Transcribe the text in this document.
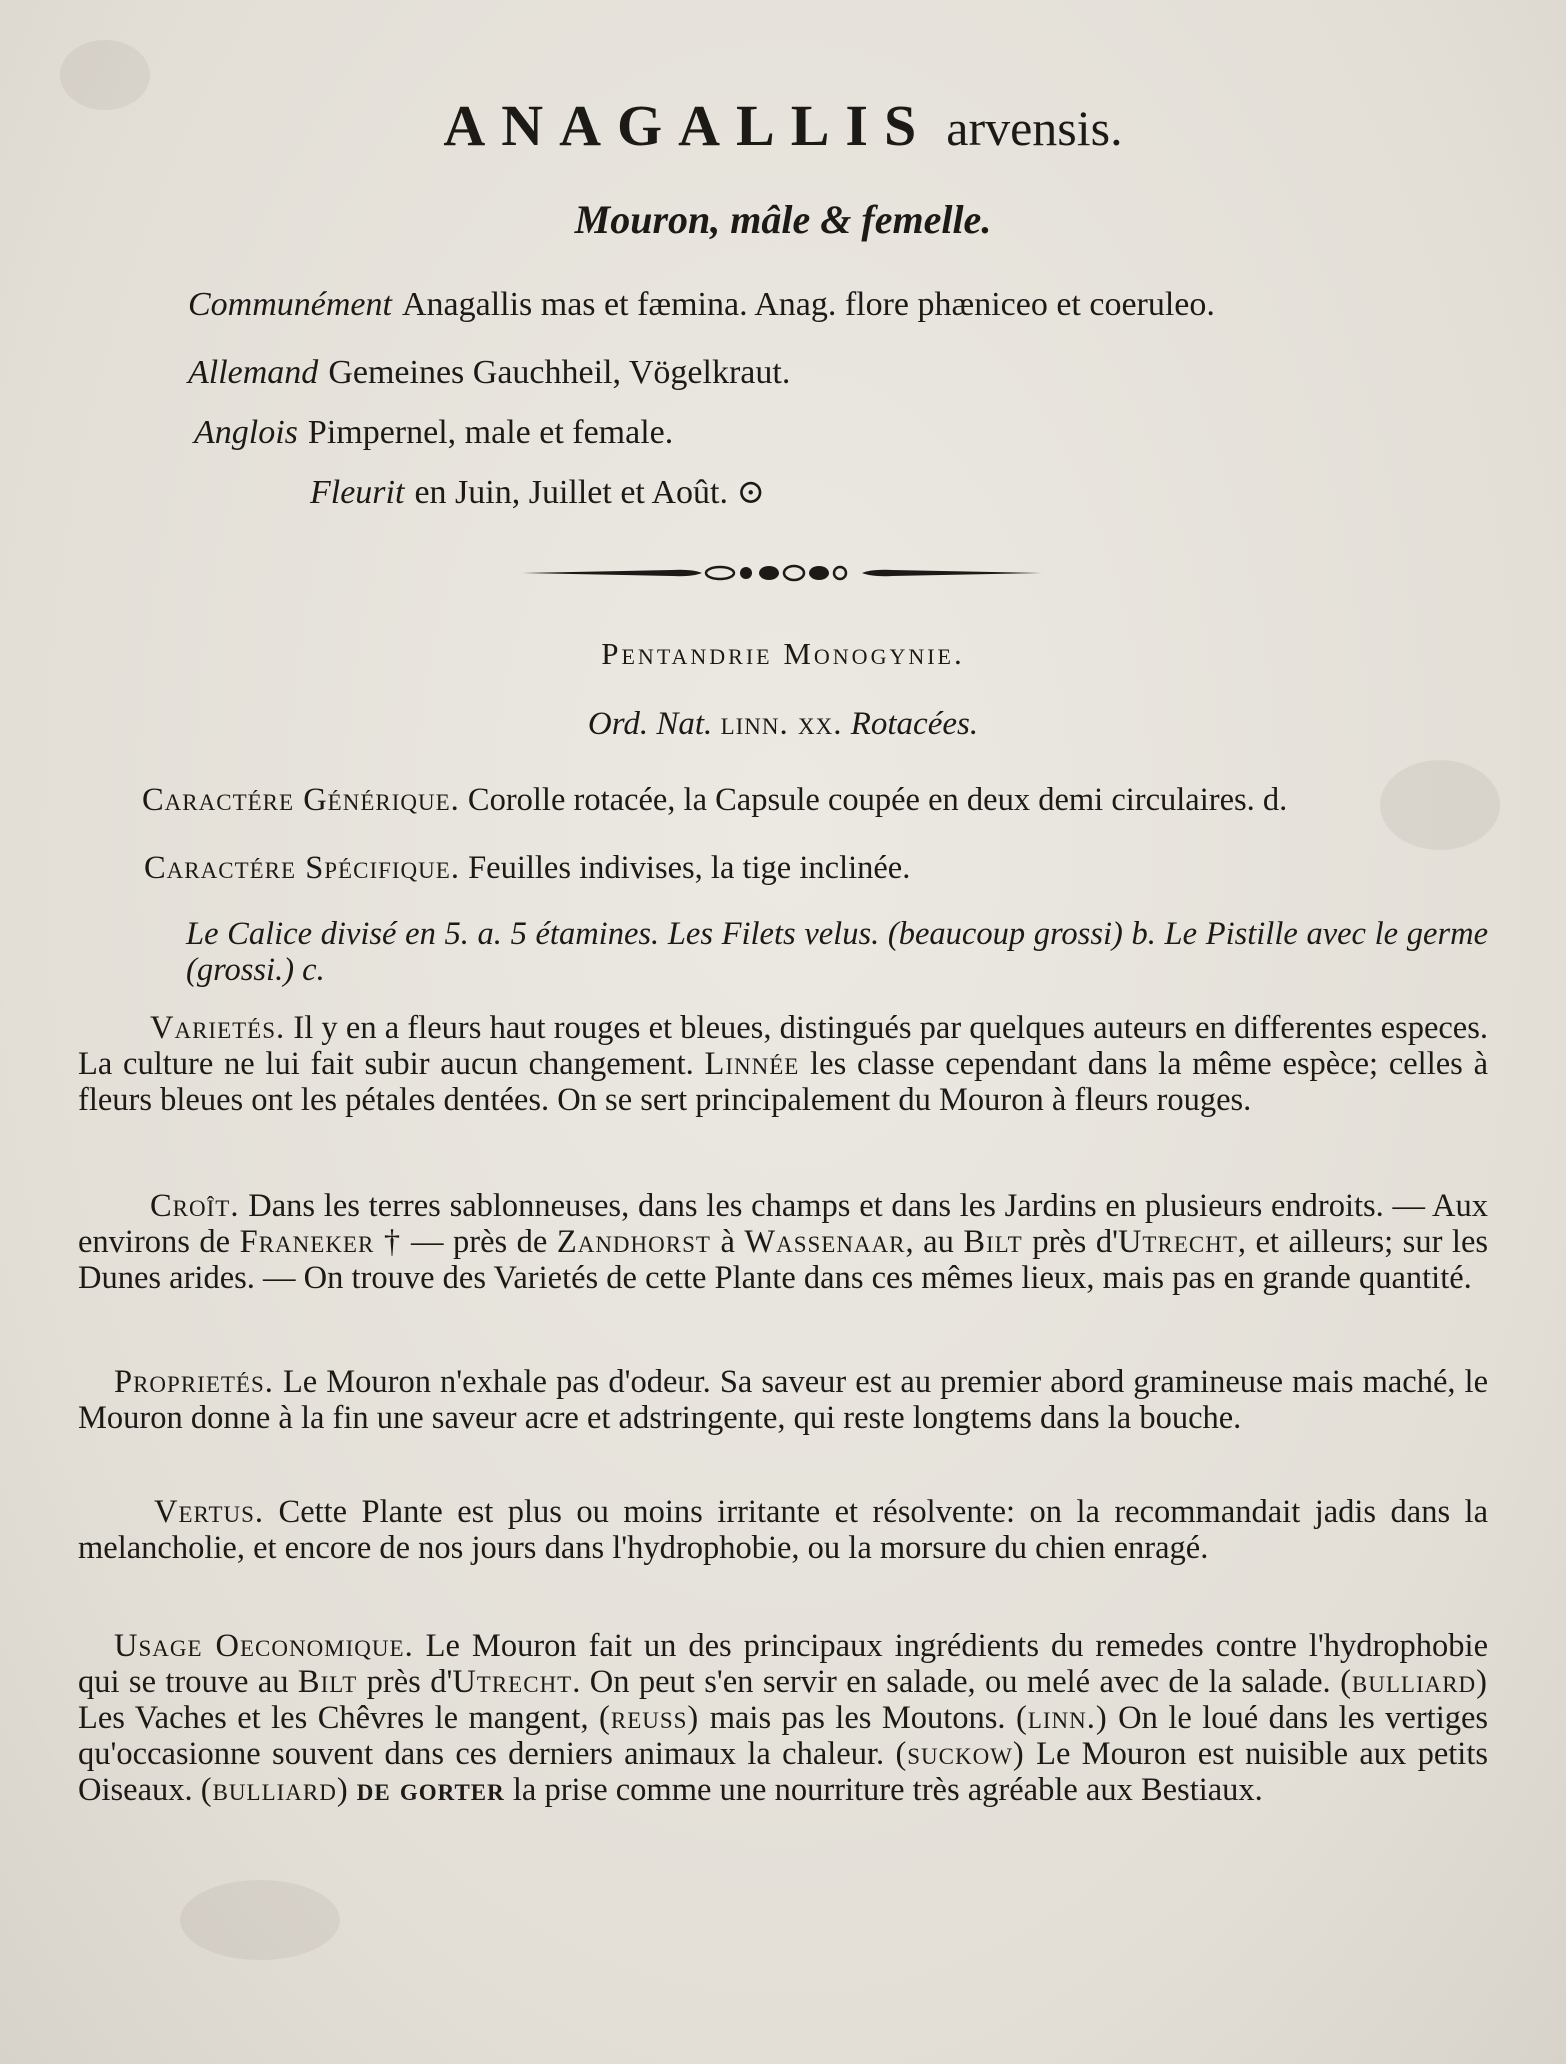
ANAGALLIS arvensis.
Mouron, mâle & femelle.
Communément Anagallis mas et fæmina. Anag. flore phæniceo et coeruleo.
Allemand Gemeines Gauchheil, Vögelkraut.
Anglois Pimpernel, male et female.
Fleurit en Juin, Juillet et Août. ⊙
Pentandrie Monogynie.
Ord. Nat. linn. xx. Rotacées.

Caractére Générique. Corolle rotacée, la Capsule coupée en deux demi circulaires. d.

Caractére Spécifique. Feuilles indivises, la tige inclinée.

Le Calice divisé en 5. a. 5 étamines. Les Filets velus. (beaucoup grossi) b. Le Pistille avec le germe (grossi.) c.

Varietés. Il y en a fleurs haut rouges et bleues, distingués par quelques auteurs en differentes especes. La culture ne lui fait subir aucun changement. Linnée les classe cependant dans la même espèce; celles à fleurs bleues ont les pétales dentées. On se sert principalement du Mouron à fleurs rouges.

Croît. Dans les terres sablonneuses, dans les champs et dans les Jardins en plusieurs endroits. — Aux environs de Franeker † — près de Zandhorst à Wassenaar, au Bilt près d'Utrecht, et ailleurs; sur les Dunes arides. — On trouve des Varietés de cette Plante dans ces mêmes lieux, mais pas en grande quantité.

Proprietés. Le Mouron n'exhale pas d'odeur. Sa saveur est au premier abord gramineuse mais maché, le Mouron donne à la fin une saveur acre et adstringente, qui reste longtems dans la bouche.

Vertus. Cette Plante est plus ou moins irritante et résolvente: on la recommandait jadis dans la melancholie, et encore de nos jours dans l'hydrophobie, ou la morsure du chien enragé.

Usage Oeconomique. Le Mouron fait un des principaux ingrédients du remedes contre l'hydrophobie qui se trouve au Bilt près d'Utrecht. On peut s'en servir en salade, ou melé avec de la salade. (bulliard) Les Vaches et les Chêvres le mangent, (reuss) mais pas les Moutons. (linn.) On le loué dans les vertiges qu'occasionne souvent dans ces derniers animaux la chaleur. (suckow) Le Mouron est nuisible aux petits Oiseaux. (bulliard) de gorter la prise comme une nourriture très agréable aux Bestiaux.
